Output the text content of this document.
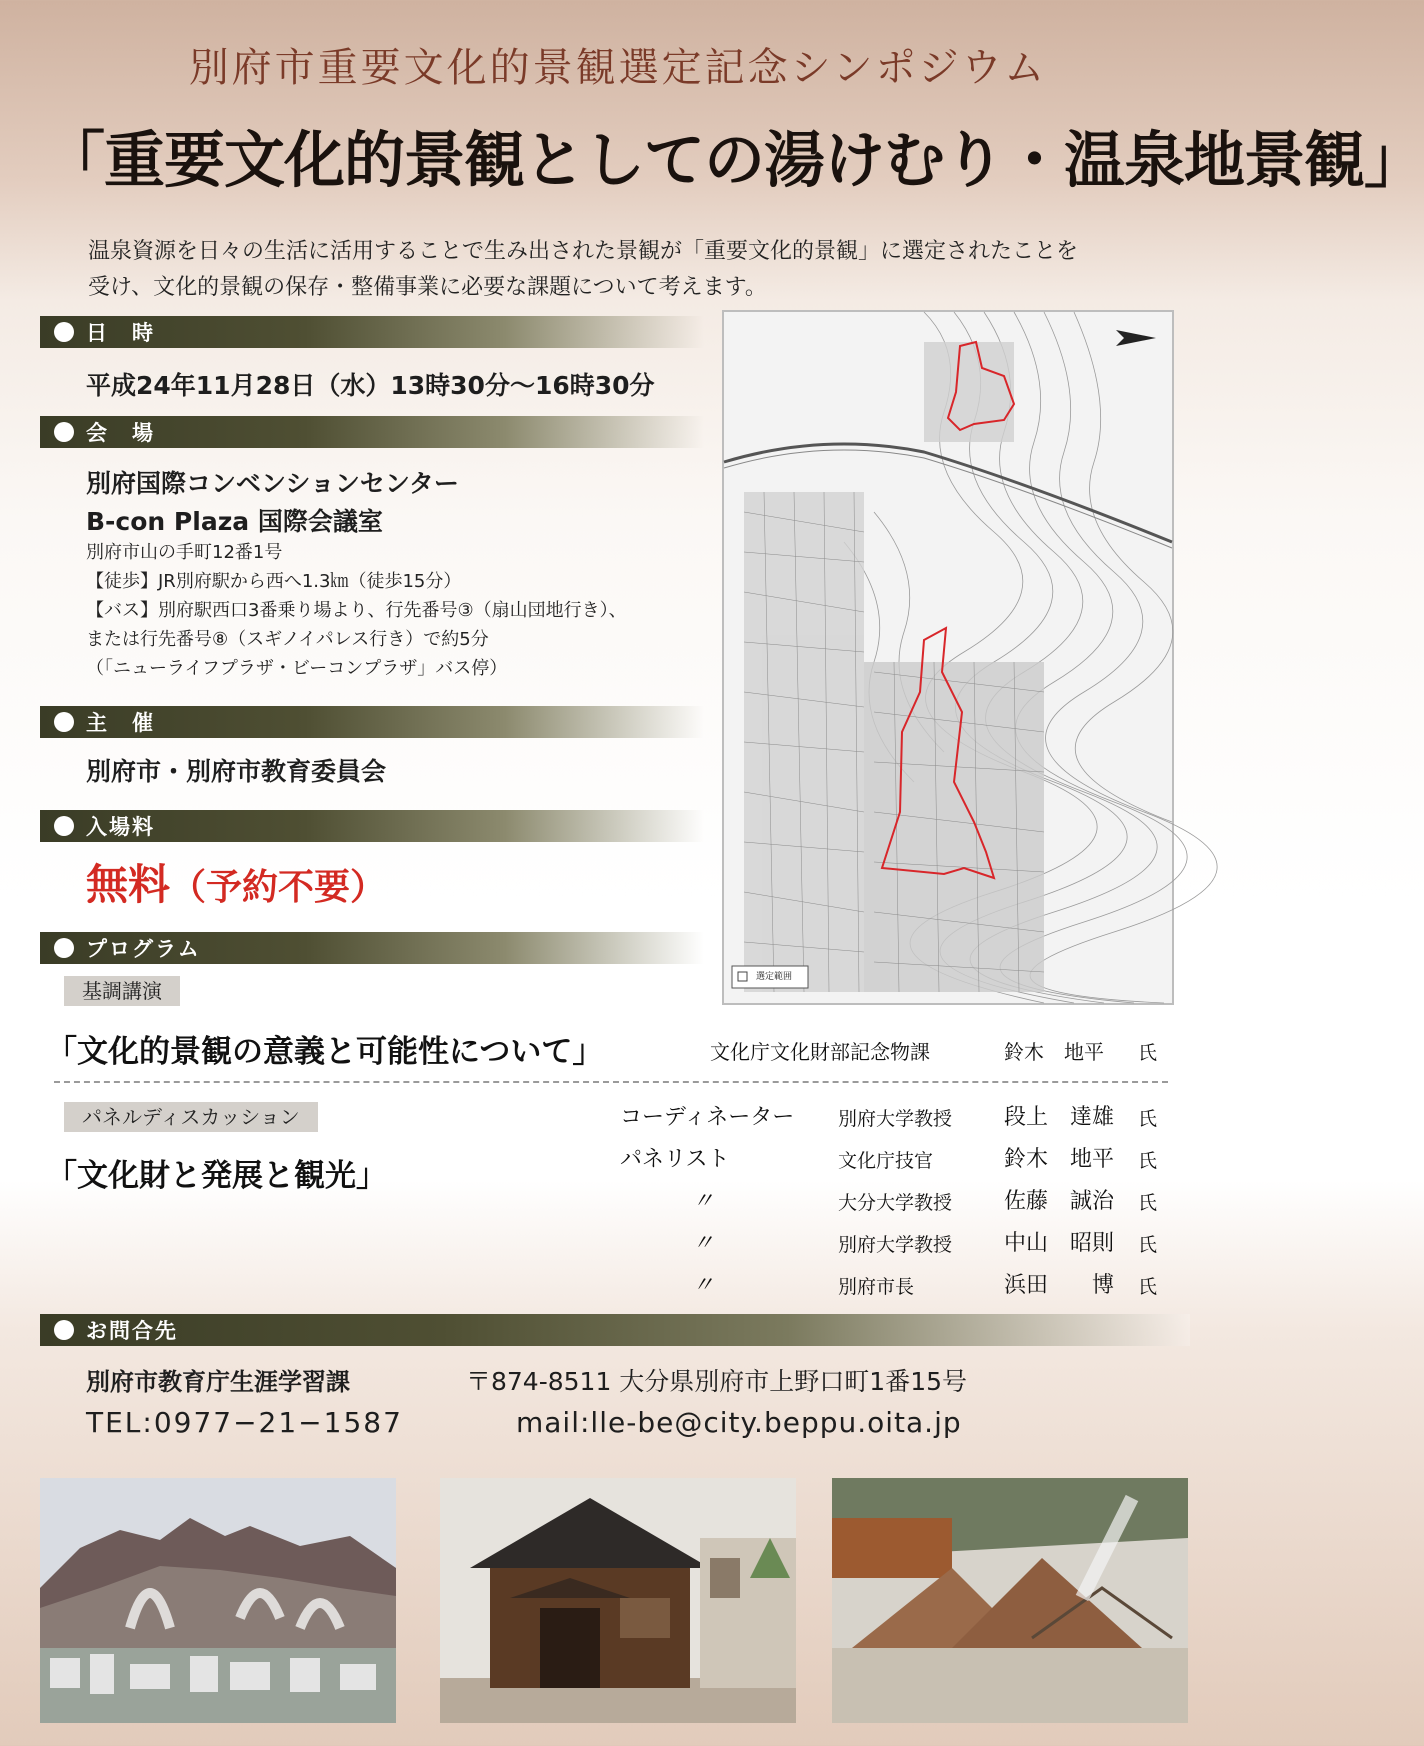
別府市重要文化的景観選定記念シンポジウム
「重要文化的景観としての湯けむり・温泉地景観」
温泉資源を日々の生活に活用することで生み出された景観が「重要文化的景観」に選定されたことを
受け、文化的景観の保存・整備事業に必要な課題について考えます。
日　時
平成24年11月28日（水）13時30分～16時30分
会　場
別府国際コンベンションセンター
B-con Plaza 国際会議室
別府市山の手町12番1号
【徒歩】JR別府駅から西へ1.3㎞（徒歩15分）
【バス】別府駅西口3番乗り場より、行先番号③（扇山団地行き）、
または行先番号⑧（スギノイパレス行き）で約5分
（「ニューライフプラザ・ビーコンプラザ」バス停）
主　催
別府市・別府市教育委員会
入場料
無料（予約不要）
プログラム
選定範囲
基調講演
「文化的景観の意義と可能性について」	文化庁文化財部記念物課	鈴木　地平 氏
パネルディスカッション
「文化財と発展と観光」
コーディネーター 別府大学教授 段上　達雄 氏
パネリスト	文化庁技官	鈴木　地平 氏
〃	大分大学教授 佐藤　誠治 氏
〃	別府大学教授 中山　昭則 氏
〃	別府市長	浜田　　博 氏
お問合先
別府市教育庁生涯学習課	〒874-8511 大分県別府市上野口町1番15号
TEL:0977−21−1587	mail:lle-be@city.beppu.oita.jp
